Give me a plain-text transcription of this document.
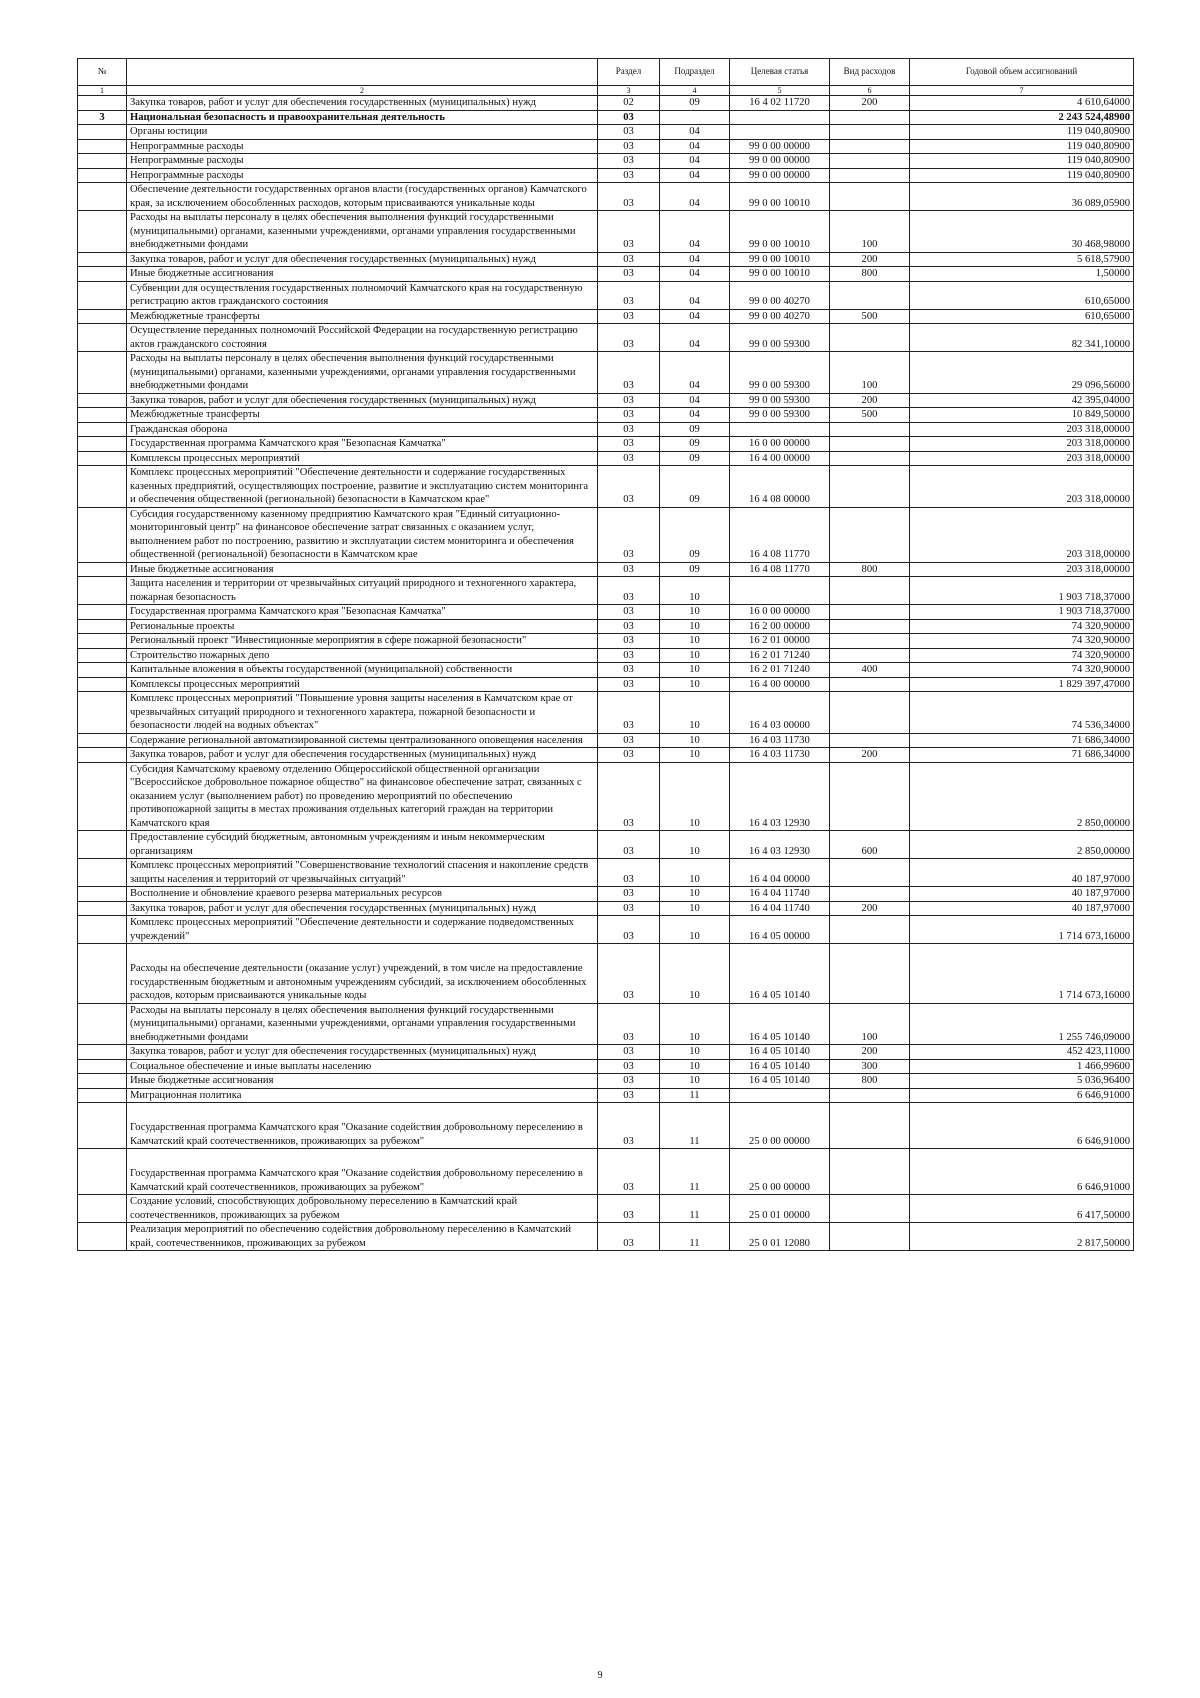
№		Раздел	Подраздел	Целевая статья	Вид расходов	Годовой объем ассигнований
1	2	3	4	5	6	7
	Закупка товаров, работ и услуг для обеспечения государственных (муниципальных) нужд	02	09	16 4 02 11720	200	4 610,64000
3	Национальная безопасность и правоохранительная деятельность	03				2 243 524,48900
	Органы юстиции	03	04			119 040,80900
	Непрограммные расходы	03	04	99 0 00 00000		119 040,80900
	Непрограммные расходы	03	04	99 0 00 00000		119 040,80900
	Непрограммные расходы	03	04	99 0 00 00000		119 040,80900
	Обеспечение деятельности государственных органов власти (государственных органов) Камчатского края, за исключением обособленных расходов, которым присваиваются уникальные коды	03	04	99 0 00 10010		36 089,05900
	Расходы на выплаты персоналу в целях обеспечения выполнения функций государственными (муниципальными) органами, казенными учреждениями, органами управления государственными внебюджетными фондами	03	04	99 0 00 10010	100	30 468,98000
	Закупка товаров, работ и услуг для обеспечения государственных (муниципальных) нужд	03	04	99 0 00 10010	200	5 618,57900
	Иные бюджетные ассигнования	03	04	99 0 00 10010	800	1,50000
	Субвенции для осуществления государственных полномочий Камчатского края на государственную регистрацию актов гражданского состояния	03	04	99 0 00 40270		610,65000
	Межбюджетные трансферты	03	04	99 0 00 40270	500	610,65000
	Осуществление переданных полномочий Российской Федерации на государственную регистрацию актов гражданского состояния	03	04	99 0 00 59300		82 341,10000
	Расходы на выплаты персоналу в целях обеспечения выполнения функций государственными (муниципальными) органами, казенными учреждениями, органами управления государственными внебюджетными фондами	03	04	99 0 00 59300	100	29 096,56000
	Закупка товаров, работ и услуг для обеспечения государственных (муниципальных) нужд	03	04	99 0 00 59300	200	42 395,04000
	Межбюджетные трансферты	03	04	99 0 00 59300	500	10 849,50000
	Гражданская оборона	03	09			203 318,00000
	Государственная программа Камчатского края "Безопасная Камчатка"	03	09	16 0 00 00000		203 318,00000
	Комплексы процессных мероприятий	03	09	16 4 00 00000		203 318,00000
	Комплекс процессных мероприятий "Обеспечение деятельности и содержание государственных казенных предприятий, осуществляющих построение, развитие и эксплуатацию систем мониторинга и обеспечения общественной (региональной) безопасности в Камчатском крае"	03	09	16 4 08 00000		203 318,00000
	Субсидия государственному казенному предприятию Камчатского края "Единый ситуационно-мониторинговый центр" на финансовое обеспечение затрат связанных с оказанием услуг, выполнением работ по построению, развитию и эксплуатации систем мониторинга и обеспечения общественной (региональной) безопасности в Камчатском крае	03	09	16 4 08 11770		203 318,00000
	Иные бюджетные ассигнования	03	09	16 4 08 11770	800	203 318,00000
	Защита населения и территории от чрезвычайных ситуаций природного и техногенного характера, пожарная безопасность	03	10			1 903 718,37000
	Государственная программа Камчатского края "Безопасная Камчатка"	03	10	16 0 00 00000		1 903 718,37000
	Региональные проекты	03	10	16 2 00 00000		74 320,90000
	Региональный проект "Инвестиционные мероприятия в сфере пожарной безопасности"	03	10	16 2 01 00000		74 320,90000
	Строительство пожарных депо	03	10	16 2 01 71240		74 320,90000
	Капитальные вложения в объекты государственной (муниципальной) собственности	03	10	16 2 01 71240	400	74 320,90000
	Комплексы процессных мероприятий	03	10	16 4 00 00000		1 829 397,47000
	Комплекс процессных мероприятий "Повышение уровня защиты населения в Камчатском крае от чрезвычайных ситуаций природного и техногенного характера, пожарной безопасности и безопасности людей на водных объектах"	03	10	16 4 03 00000		74 536,34000
	Содержание региональной автоматизированной системы централизованного оповещения населения	03	10	16 4 03 11730		71 686,34000
	Закупка товаров, работ и услуг для обеспечения государственных (муниципальных) нужд	03	10	16 4 03 11730	200	71 686,34000
	Субсидия Камчатскому краевому отделению Общероссийской общественной организации "Всероссийское добровольное пожарное общество" на финансовое обеспечение затрат, связанных с оказанием услуг (выполнением работ) по проведению мероприятий по обеспечению противопожарной защиты в местах проживания отдельных категорий граждан на территории Камчатского края	03	10	16 4 03 12930		2 850,00000
	Предоставление субсидий бюджетным, автономным учреждениям и иным некоммерческим организациям	03	10	16 4 03 12930	600	2 850,00000
	Комплекс процессных мероприятий "Совершенствование технологий спасения и накопление средств защиты населения и территорий от чрезвычайных ситуаций"	03	10	16 4 04 00000		40 187,97000
	Восполнение и обновление краевого резерва материальных ресурсов	03	10	16 4 04 11740		40 187,97000
	Закупка товаров, работ и услуг для обеспечения государственных (муниципальных) нужд	03	10	16 4 04 11740	200	40 187,97000
	Комплекс процессных мероприятий "Обеспечение деятельности и содержание подведомственных учреждений"	03	10	16 4 05 00000		1 714 673,16000
	Расходы на обеспечение деятельности (оказание услуг) учреждений, в том числе на предоставление государственным бюджетным и автономным учреждениям субсидий, за исключением обособленных расходов, которым присваиваются уникальные коды	03	10	16 4 05 10140		1 714 673,16000
	Расходы на выплаты персоналу в целях обеспечения выполнения функций государственными (муниципальными) органами, казенными учреждениями, органами управления государственными внебюджетными фондами	03	10	16 4 05 10140	100	1 255 746,09000
	Закупка товаров, работ и услуг для обеспечения государственных (муниципальных) нужд	03	10	16 4 05 10140	200	452 423,11000
	Социальное обеспечение и иные выплаты населению	03	10	16 4 05 10140	300	1 466,99600
	Иные бюджетные ассигнования	03	10	16 4 05 10140	800	5 036,96400
	Миграционная политика	03	11			6 646,91000
	Государственная программа Камчатского края "Оказание содействия добровольному переселению в Камчатский край соотечественников, проживающих за рубежом"	03	11	25 0 00 00000		6 646,91000
	Государственная программа Камчатского края "Оказание содействия добровольному переселению в Камчатский край соотечественников, проживающих за рубежом"	03	11	25 0 00 00000		6 646,91000
	Создание условий, способствующих добровольному переселению в Камчатский край соотечественников, проживающих за рубежом	03	11	25 0 01 00000		6 417,50000
	Реализация мероприятий по обеспечению содействия добровольному переселению в Камчатский край, соотечественников, проживающих за рубежом	03	11	25 0 01 12080		2 817,50000
9
